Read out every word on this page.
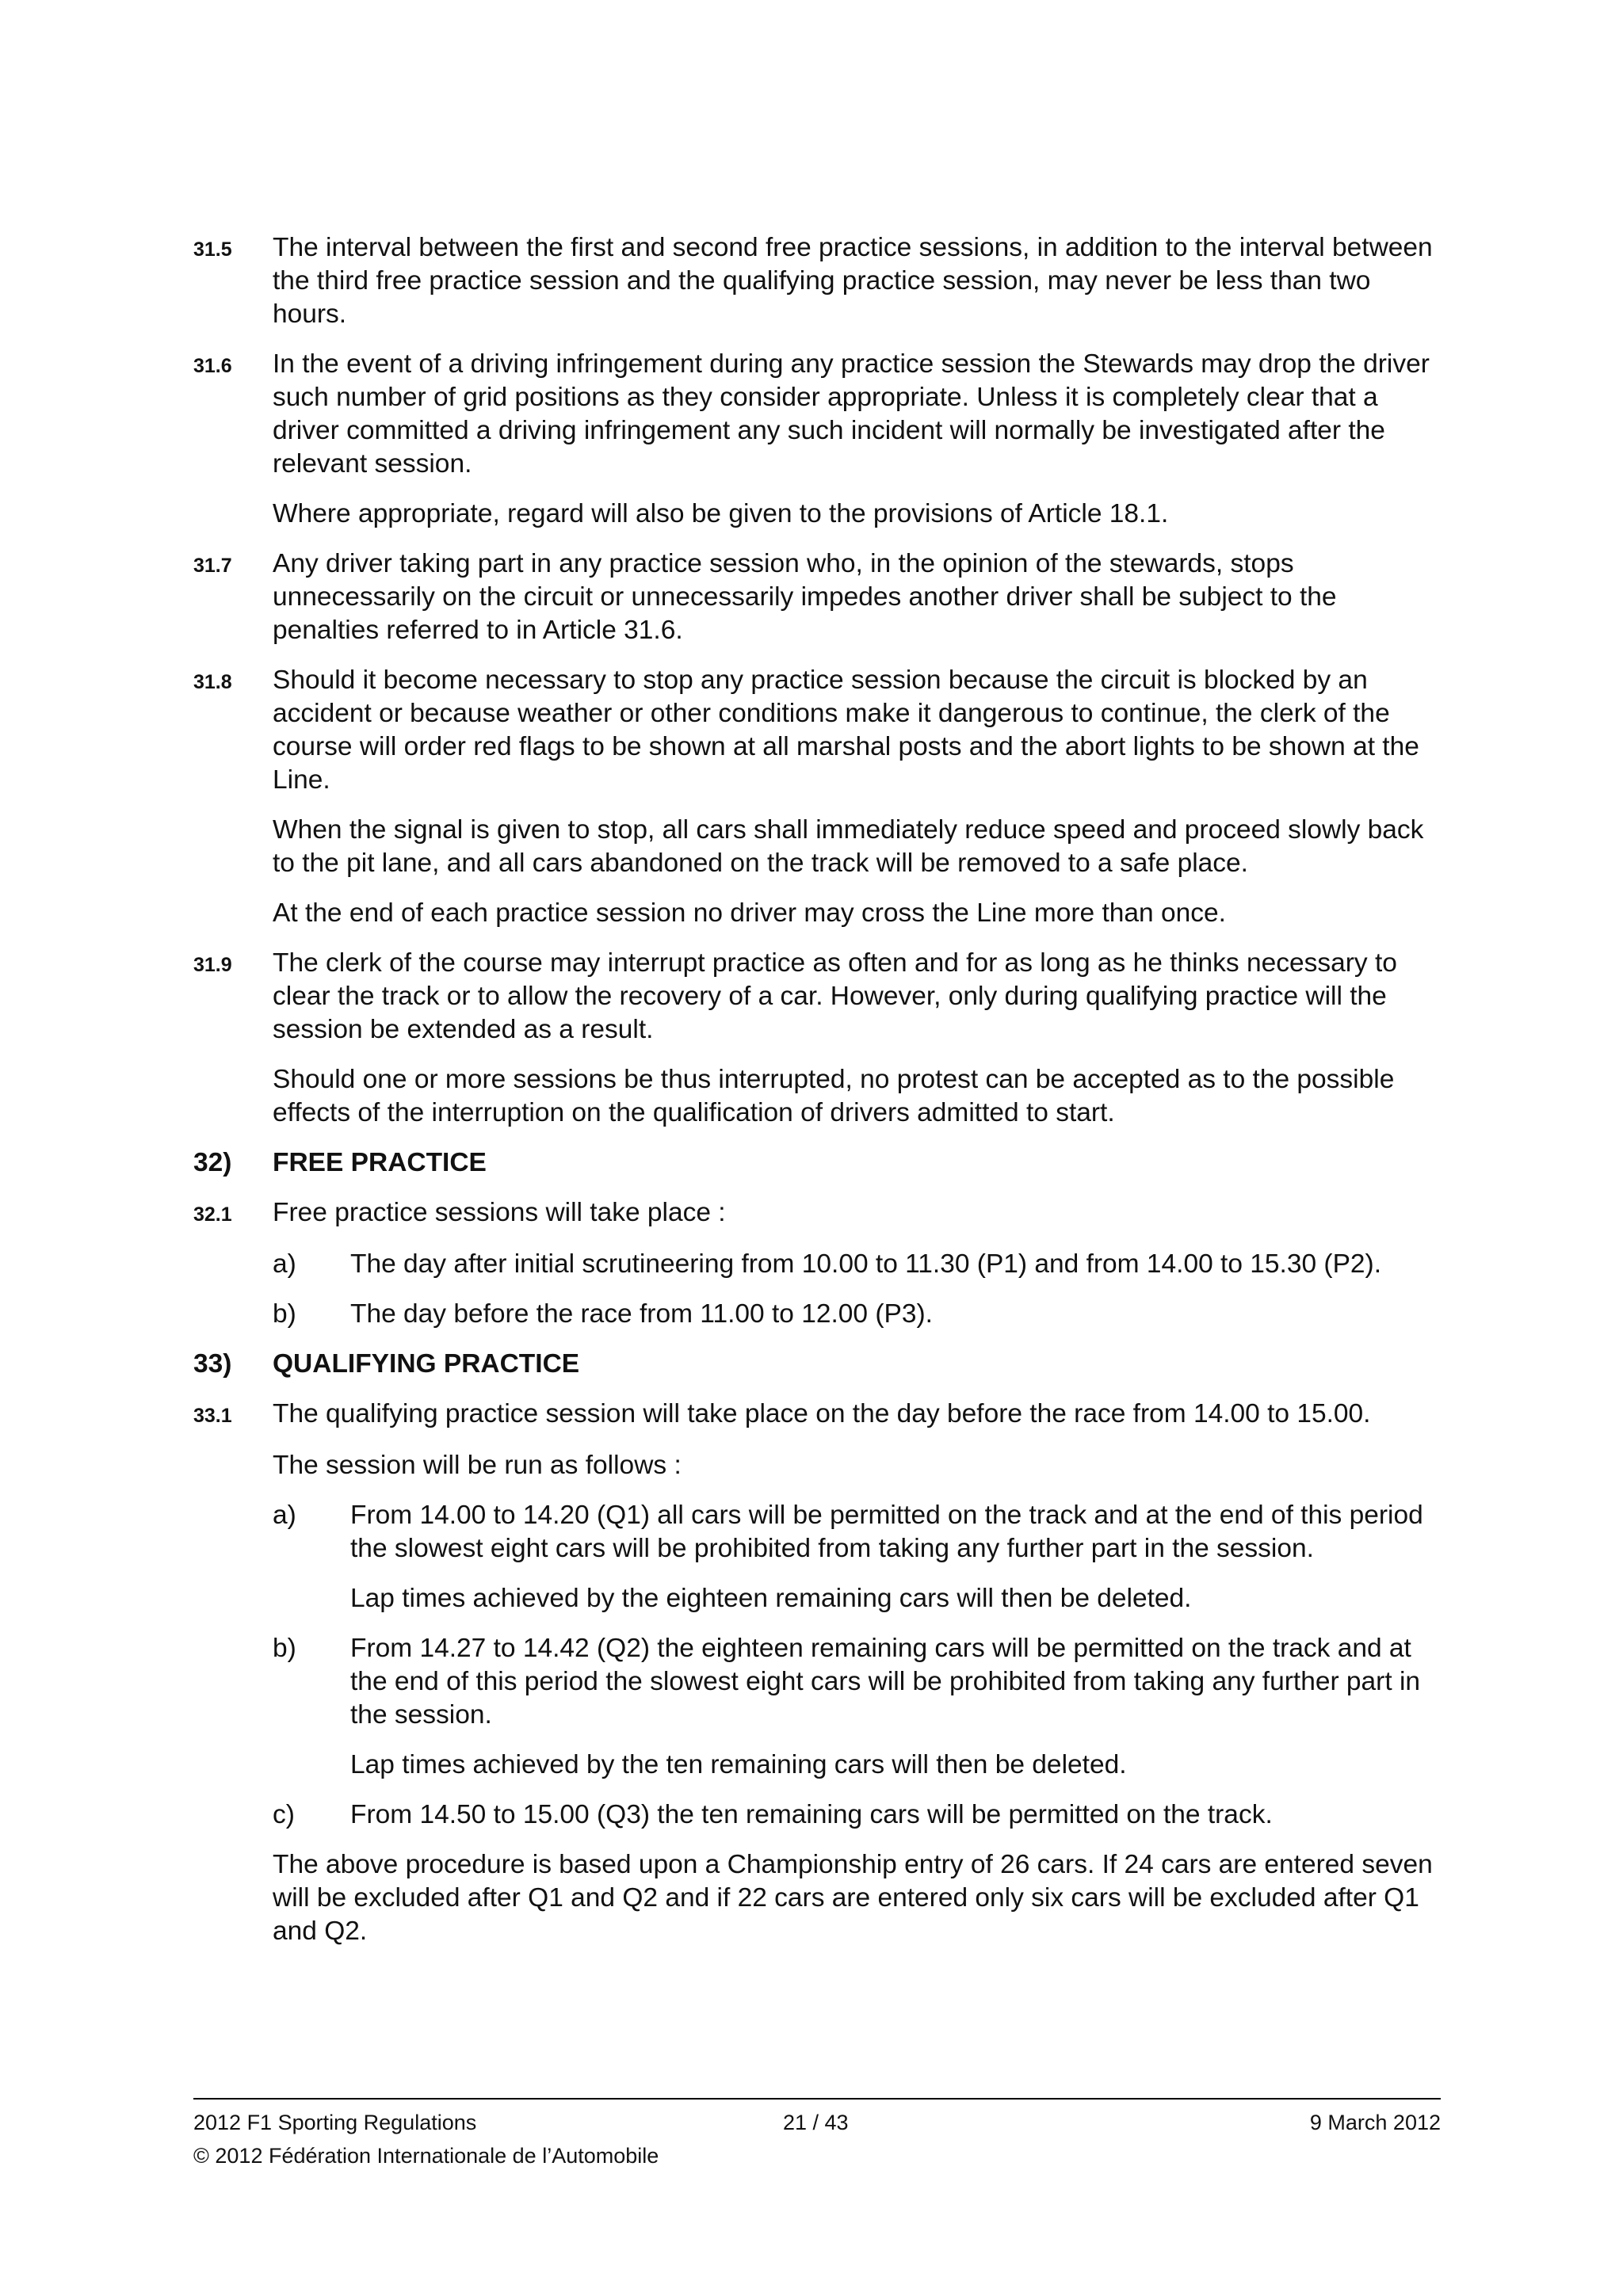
31.5	The interval between the first and second free practice sessions, in addition to the interval between the third free practice session and the qualifying practice session, may never be less than two hours.
31.6	In the event of a driving infringement during any practice session the Stewards may drop the driver such number of grid positions as they consider appropriate. Unless it is completely clear that a driver committed a driving infringement any such incident will normally be investigated after the relevant session.
Where appropriate, regard will also be given to the provisions of Article 18.1.
31.7	Any driver taking part in any practice session who, in the opinion of the stewards, stops unnecessarily on the circuit or unnecessarily impedes another driver shall be subject to the penalties referred to in Article 31.6.
31.8	Should it become necessary to stop any practice session because the circuit is blocked by an accident or because weather or other conditions make it dangerous to continue, the clerk of the course will order red flags to be shown at all marshal posts and the abort lights to be shown at the Line.
When the signal is given to stop, all cars shall immediately reduce speed and proceed slowly back to the pit lane, and all cars abandoned on the track will be removed to a safe place.
At the end of each practice session no driver may cross the Line more than once.
31.9	The clerk of the course may interrupt practice as often and for as long as he thinks necessary to clear the track or to allow the recovery of a car. However, only during qualifying practice will the session be extended as a result.
Should one or more sessions be thus interrupted, no protest can be accepted as to the possible effects of the interruption on the qualification of drivers admitted to start.
32)	FREE PRACTICE
32.1	Free practice sessions will take place :
a)	The day after initial scrutineering from 10.00 to 11.30 (P1) and from 14.00 to 15.30 (P2).
b)	The day before the race from 11.00 to 12.00 (P3).
33)	QUALIFYING PRACTICE
33.1	The qualifying practice session will take place on the day before the race from 14.00 to 15.00.
The session will be run as follows :
a)	From 14.00 to 14.20 (Q1) all cars will be permitted on the track and at the end of this period the slowest eight cars will be prohibited from taking any further part in the session.
Lap times achieved by the eighteen remaining cars will then be deleted.
b)	From 14.27 to 14.42 (Q2) the eighteen remaining cars will be permitted on the track and at the end of this period the slowest eight cars will be prohibited from taking any further part in the session.
Lap times achieved by the ten remaining cars will then be deleted.
c)	From 14.50 to 15.00 (Q3) the ten remaining cars will be permitted on the track.
The above procedure is based upon a Championship entry of 26 cars. If 24 cars are entered seven will be excluded after Q1 and Q2 and if 22 cars are entered only six cars will be excluded after Q1 and Q2.
2012 F1 Sporting Regulations	21 / 43	9 March 2012
© 2012 Fédération Internationale de l’Automobile
